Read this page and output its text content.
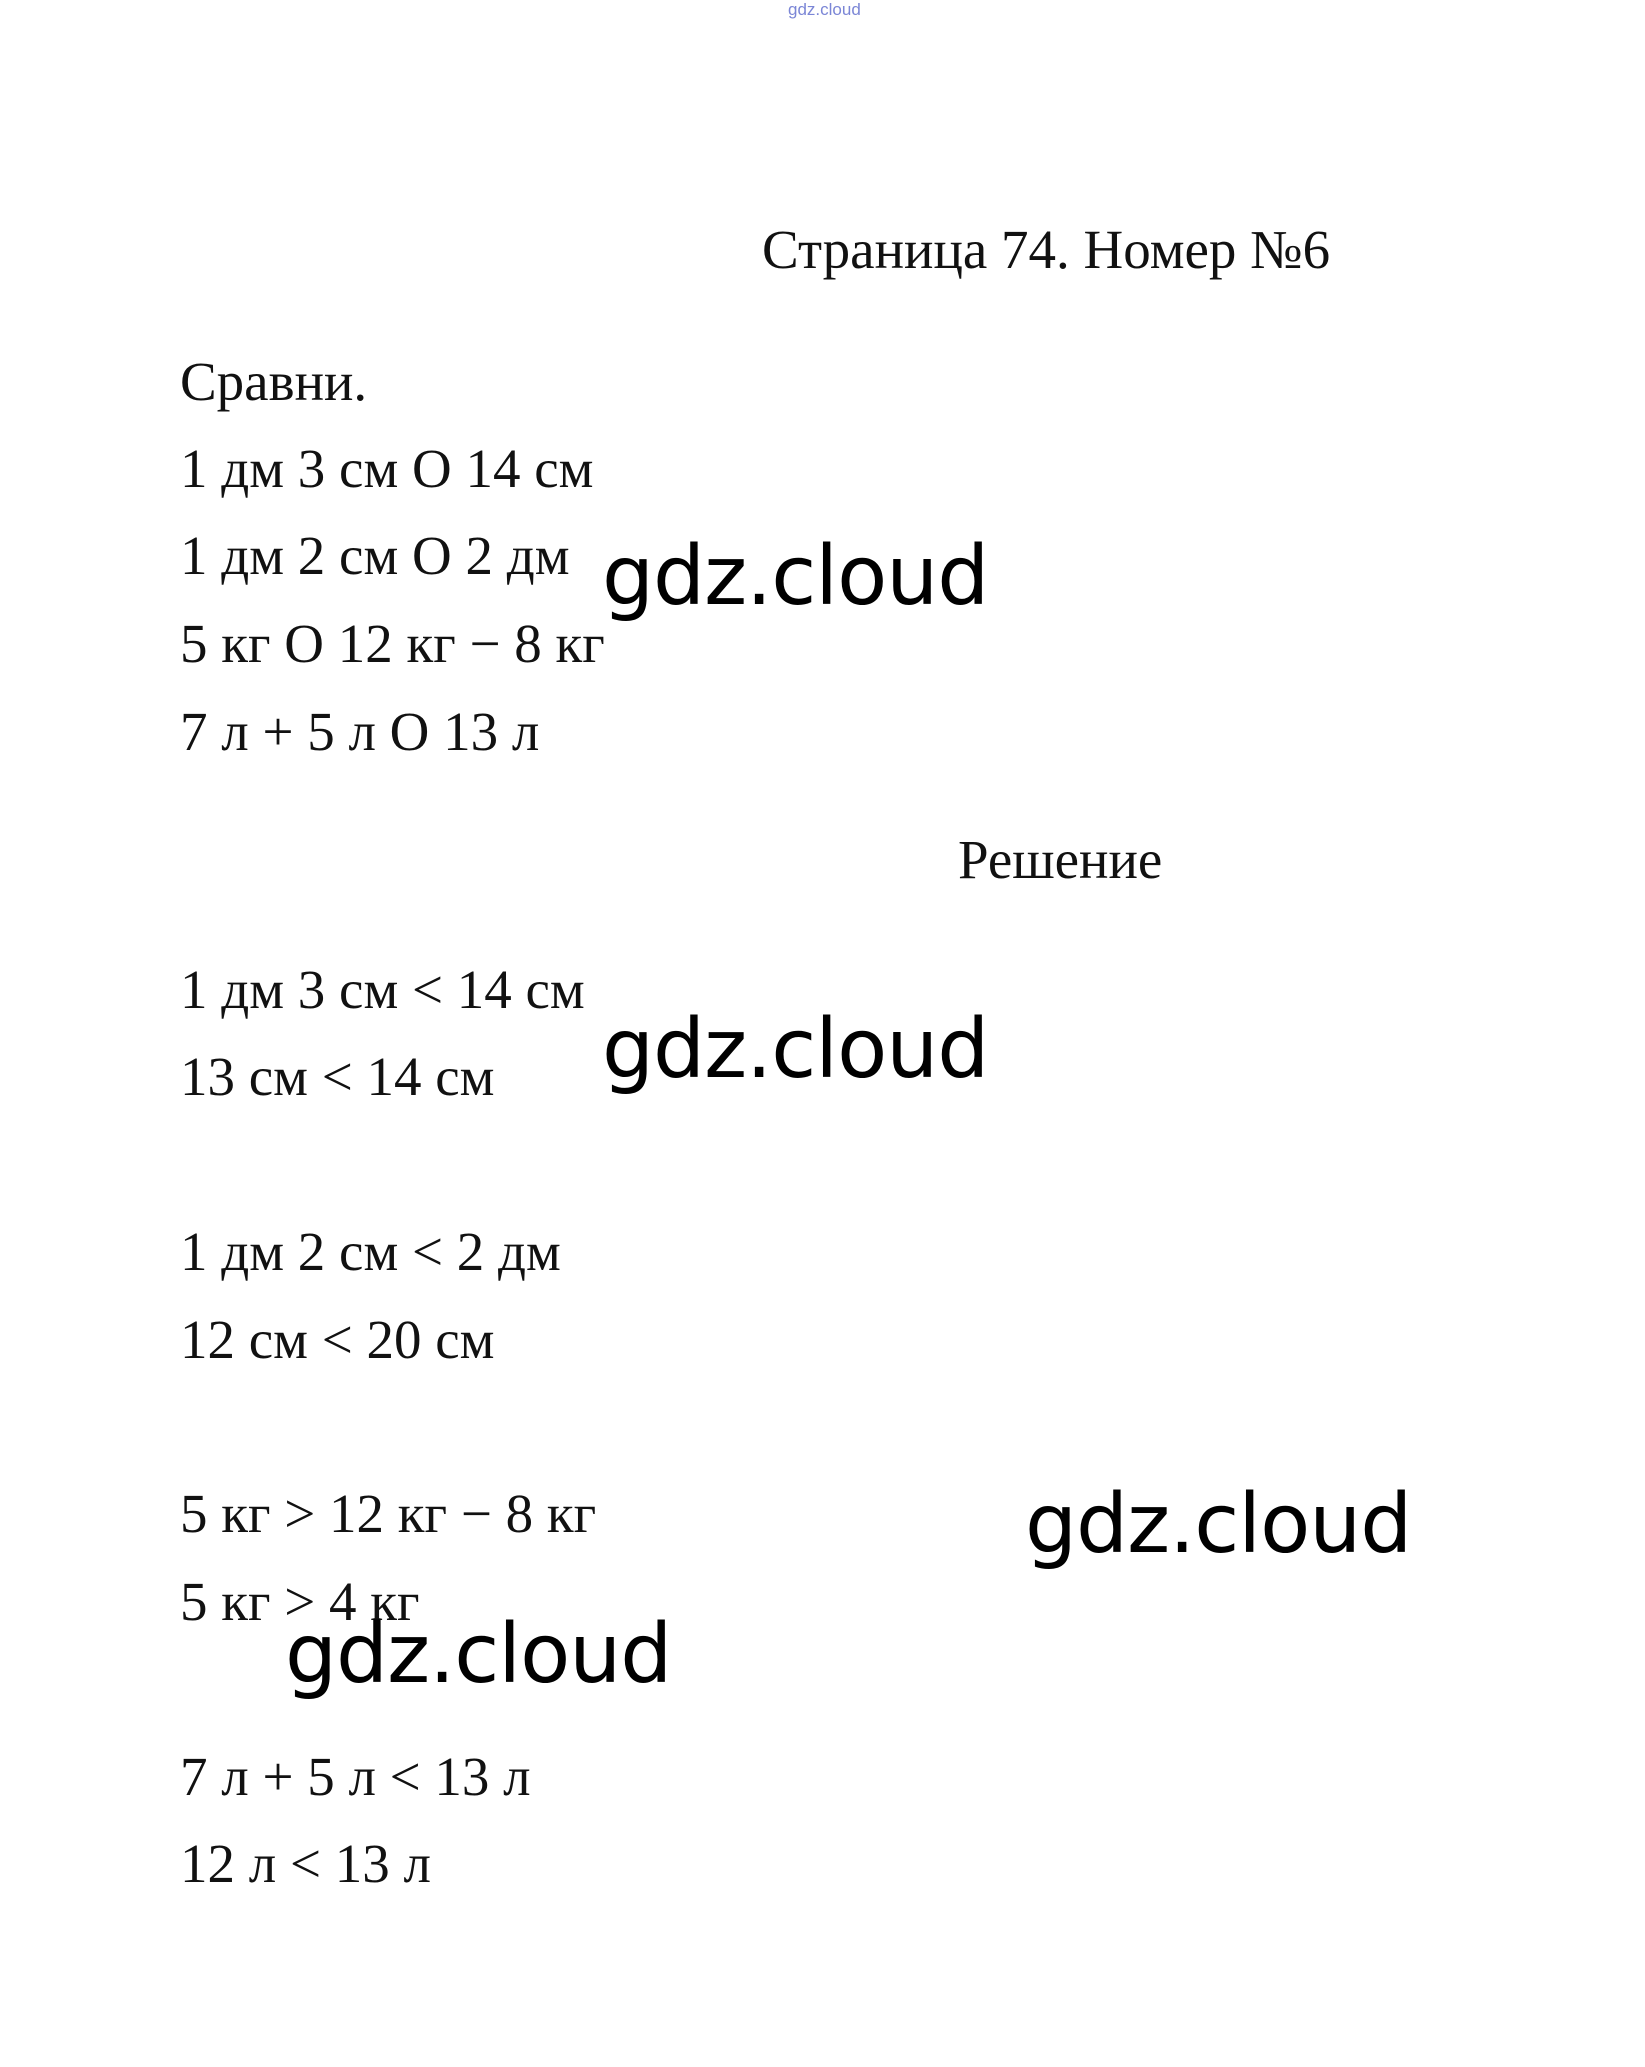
gdz.cloud
Страница 74. Номер №6
Сравни.
1 дм 3 см О 14 см
1 дм 2 см О 2 дм
5 кг О 12 кг − 8 кг
7 л + 5 л О 13 л
Решение
1 дм 3 см < 14 см
13 см < 14 см
1 дм 2 см < 2 дм
12 см < 20 см
5 кг > 12 кг − 8 кг
5 кг > 4 кг
7 л + 5 л < 13 л
12 л < 13 л
gdz.cloud
gdz.cloud
gdz.cloud
gdz.cloud
